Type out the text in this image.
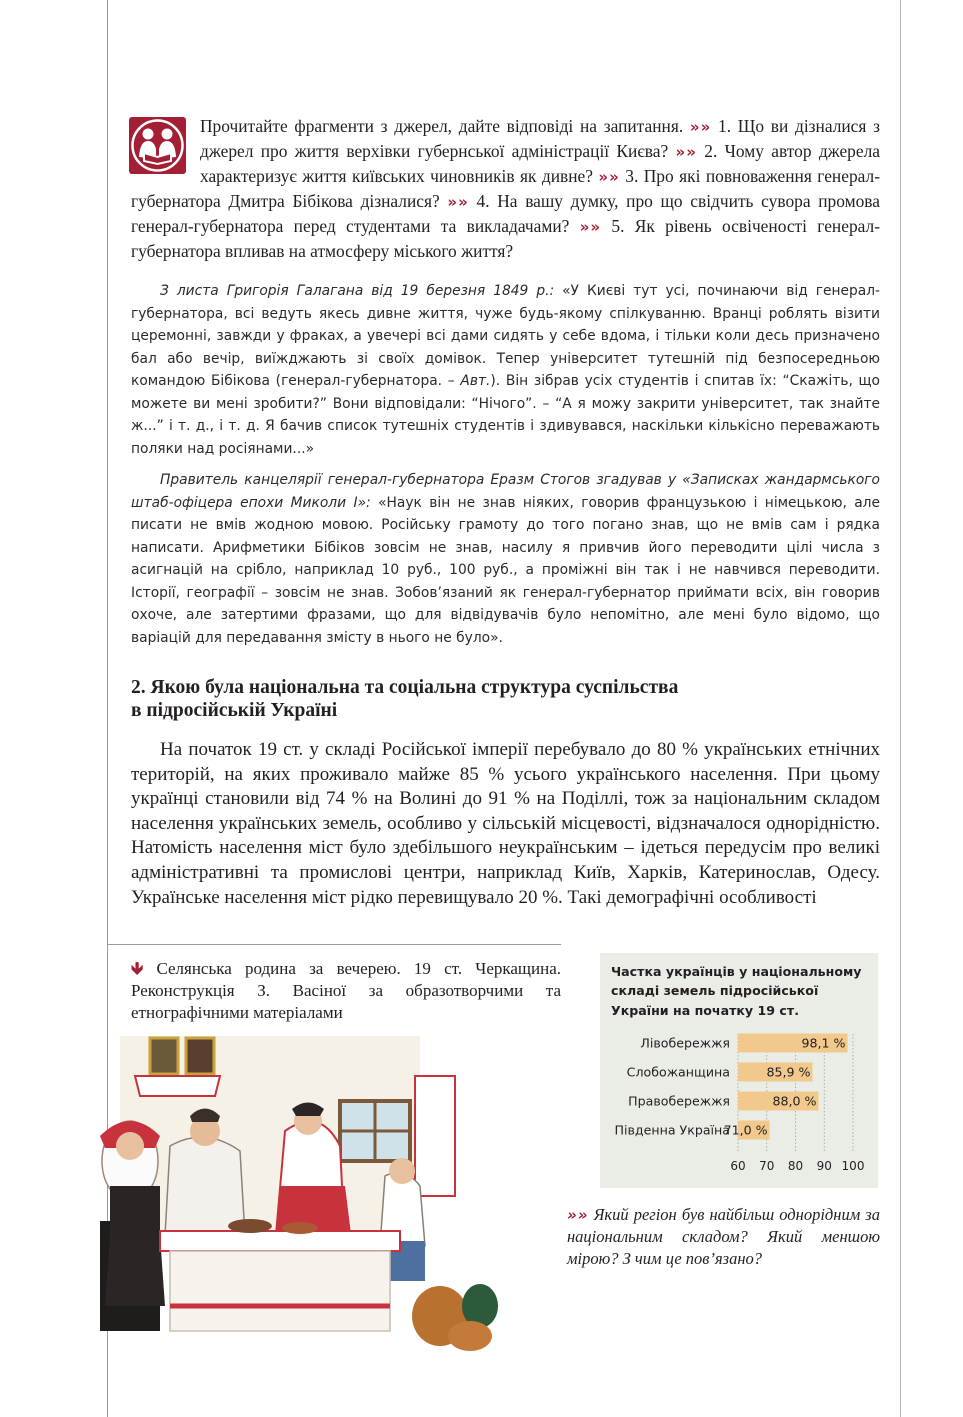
Прочитайте фрагменти з джерел, дайте відповіді на запитання. » » 1. Що ви дізналися з джерел про життя верхівки губернської адміністрації Києва? » » 2. Чому автор джерела характеризує життя київських чиновників як дивне? » » 3. Про які повноваження генерал-губернатора Дмитра Бібікова дізналися? » » 4. На вашу думку, про що свідчить сувора промова генерал-губернатора перед студентами та викладачами? » » 5. Як рівень освіченості генерал-губернатора впливав на атмосферу міського життя?
З листа Григорія Галагана від 19 березня 1849 р.: «У Києві тут усі, починаючи від генерал-губернатора, всі ведуть якесь дивне життя, чуже будь-якому спілкуванню. Вранці роблять візити церемонні, завжди у фраках, а увечері всі дами сидять у себе вдома, і тільки коли десь призначено бал або вечір, виїжджають зі своїх домівок. Тепер університет тутешній під безпосередньою командою Бібікова (генерал-губернатора. – Авт.). Він зібрав усіх студентів і спитав їх: “Скажіть, що можете ви мені зробити?” Вони відповідали: “Нічого”. – “А я можу закрити університет, так знайте ж...” і т. д., і т. д. Я бачив список тутешніх студентів і здивувався, наскільки кількісно переважають поляки над росіянами...»
Правитель канцелярії генерал-губернатора Еразм Стогов згадував у «Записках жандармського штаб-офіцера епохи Миколи I»: «Наук він не знав ніяких, говорив французькою і німецькою, але писати не вмів жодною мовою. Російську грамоту до того погано знав, що не вмів сам і рядка написати. Арифметики Бібіков зовсім не знав, насилу я привчив його переводити цілі числа з асигнацій на срібло, наприклад 10 руб., 100 руб., а проміжні він так і не навчився переводити. Історії, географії – зовсім не знав. Зобов’язаний як генерал-губернатор приймати всіх, він говорив охоче, але затертими фразами, що для відвідувачів було непомітно, але мені було відомо, що варіацій для передавання змісту в нього не було».
2. Якою була національна та соціальна структура суспільства
в підросійській Україні
На початок 19 ст. у складі Російської імперії перебувало до 80 % українських етнічних територій, на яких проживало майже 85 % усього українського населення. При цьому українці становили від 74 % на Волині до 91 % на Поділлі, тож за національним складом населення українських земель, особливо у сільській місцевості, відзначалося однорідністю. Натомість населення міст було здебільшого неукраїнським – ідеться передусім про великі адміністративні та промислові центри, наприклад Київ, Харків, Катеринослав, Одесу. Українське населення міст рідко перевищувало 20 %. Такі демографічні особливості
🡻 Селянська родина за вечерею. 19 ст. Черкащина. Реконструкція З. Васіної за образотворчими та етнографічними матеріалами
Частка українців у національному складі земель підросійської України на початку 19 ст.
60 70 80 90 100
Лівобережжя	98,1 %
Слобожанщина	85,9 %
Правобережжя	88,0 %
Південна Україна
71,0 %
» » Який регіон був найбільш однорідним за національним складом? Який меншою мірою? З чим це пов’язано?
